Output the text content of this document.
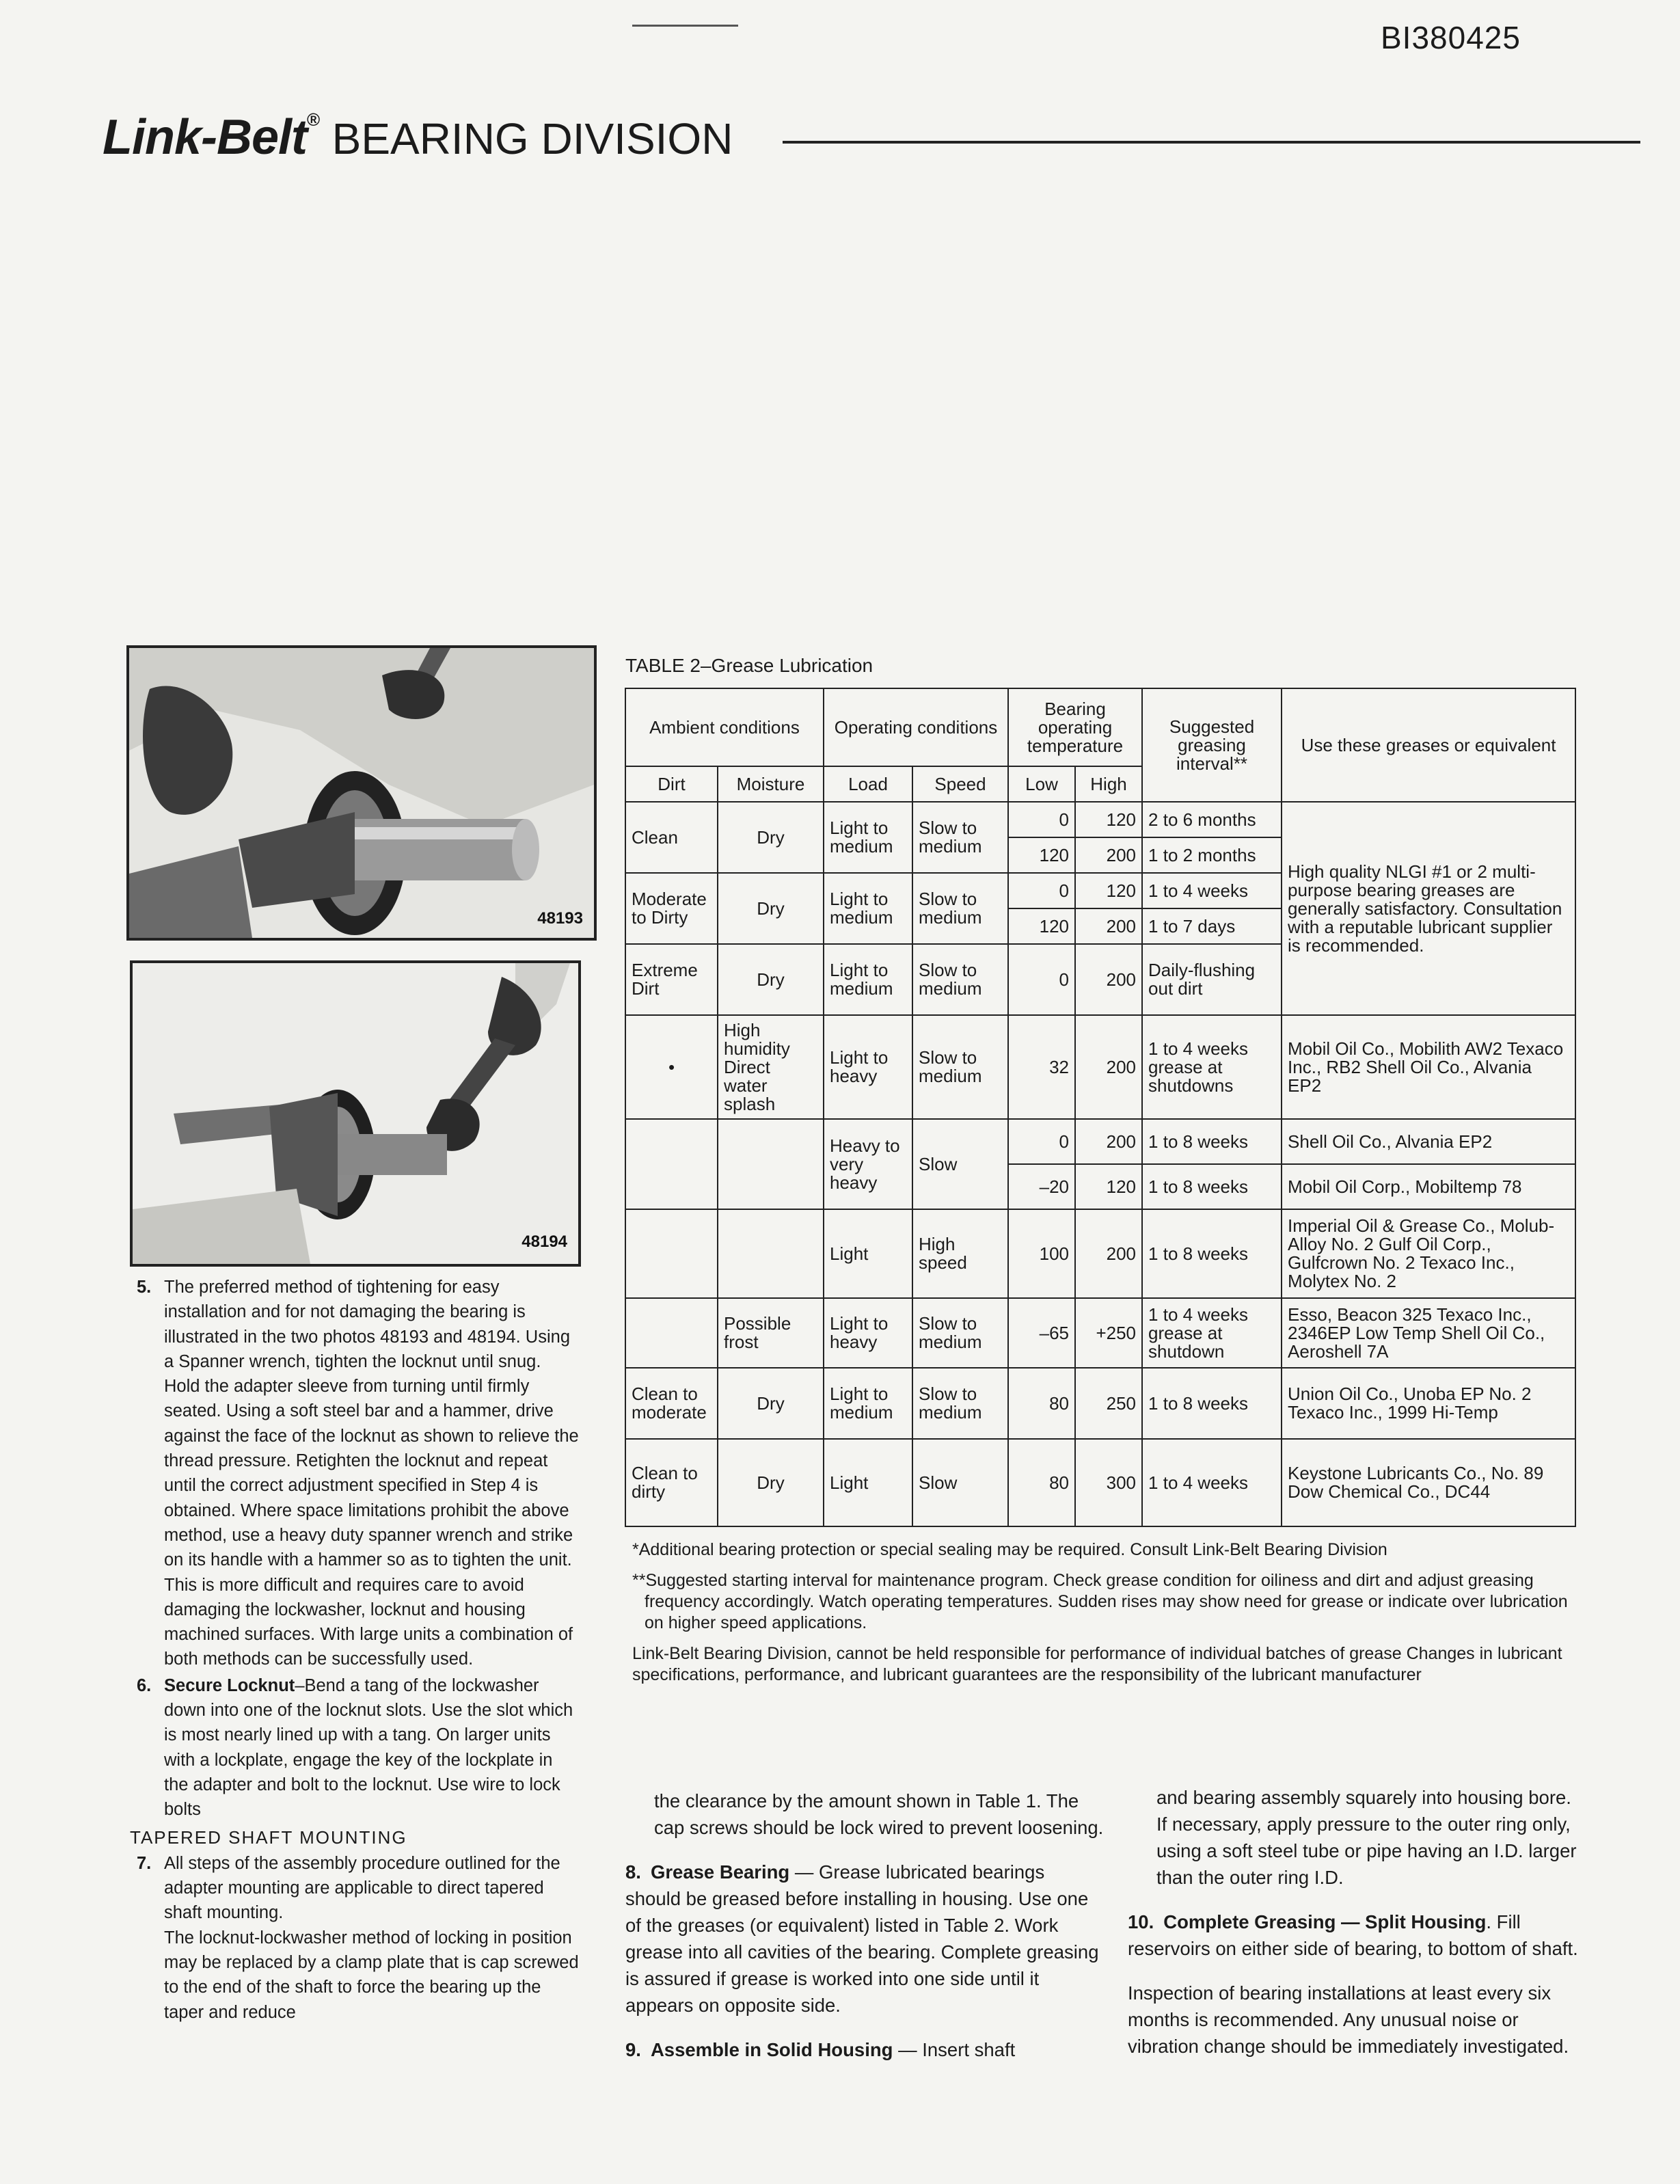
BI380425
Link-Belt® BEARING DIVISION
48193
48194
5. The preferred method of tightening for easy installation and for not damaging the bearing is illustrated in the two photos 48193 and 48194. Using a Spanner wrench, tighten the locknut until snug. Hold the adapter sleeve from turning until firmly seated. Using a soft steel bar and a hammer, drive against the face of the locknut as shown to relieve the thread pressure. Retighten the locknut and repeat until the correct adjustment specified in Step 4 is obtained. Where space limitations prohibit the above method, use a heavy duty spanner wrench and strike on its handle with a hammer so as to tighten the unit. This is more difficult and requires care to avoid damaging the lockwasher, locknut and housing machined surfaces. With large units a combination of both methods can be successfully used.
6. Secure Locknut–Bend a tang of the lockwasher down into one of the locknut slots. Use the slot which is most nearly lined up with a tang. On larger units with a lockplate, engage the key of the lockplate in the adapter and bolt to the locknut. Use wire to lock bolts
TAPERED SHAFT MOUNTING
7. All steps of the assembly procedure outlined for the adapter mounting are applicable to direct tapered shaft mounting.
The locknut-lockwasher method of locking in position may be replaced by a clamp plate that is cap screwed to the end of the shaft to force the bearing up the taper and reduce
TABLE 2–Grease Lubrication
Ambient conditions		Operating conditions		Bearing operating temperature		Suggested greasing interval**	Use these greases or equivalent
Dirt	Moisture	Load	Speed	Low	High		
Clean	Dry	Light to medium	Slow to medium	0	120	2 to 6 months	High quality NLGI #1 or 2 multi-purpose bearing greases are generally satisfactory. Consultation with a reputable lubricant supplier is recommended.
				120	200	1 to 2 months	
Moderate to Dirty	Dry	Light to medium	Slow to medium	0	120	1 to 4 weeks	
				120	200	1 to 7 days	
Extreme Dirt	Dry	Light to medium	Slow to medium	0	200	Daily-flushing out dirt	
•	High humidity Direct water splash	Light to heavy	Slow to medium	32	200	1 to 4 weeks grease at shutdowns	Mobil Oil Co., Mobilith AW2 Texaco Inc., RB2 Shell Oil Co., Alvania EP2
		Heavy to very heavy	Slow	0	200	1 to 8 weeks	Shell Oil Co., Alvania EP2
				–20	120	1 to 8 weeks	Mobil Oil Corp., Mobiltemp 78
		Light	High speed	100	200	1 to 8 weeks	Imperial Oil & Grease Co., Molub-Alloy No. 2 Gulf Oil Corp., Gulfcrown No. 2 Texaco Inc., Molytex No. 2
	Possible frost	Light to heavy	Slow to medium	–65	+250	1 to 4 weeks grease at shutdown	Esso, Beacon 325 Texaco Inc., 2346EP Low Temp Shell Oil Co., Aeroshell 7A
Clean to moderate	Dry	Light to medium	Slow to medium	80	250	1 to 8 weeks	Union Oil Co., Unoba EP No. 2 Texaco Inc., 1999 Hi-Temp
Clean to dirty	Dry	Light	Slow	80	300	1 to 4 weeks	Keystone Lubricants Co., No. 89 Dow Chemical Co., DC44

*Additional bearing protection or special sealing may be required. Consult Link-Belt Bearing Division

**Suggested starting interval for maintenance program. Check grease condition for oiliness and dirt and adjust greasing frequency accordingly. Watch operating temperatures. Sudden rises may show need for grease or indicate over lubrication on higher speed applications.

Link-Belt Bearing Division, cannot be held responsible for performance of individual batches of grease Changes in lubricant specifications, performance, and lubricant guarantees are the responsibility of the lubricant manufacturer

the clearance by the amount shown in Table 1. The cap screws should be lock wired to prevent loosening.

8. Grease Bearing — Grease lubricated bearings should be greased before installing in housing. Use one of the greases (or equivalent) listed in Table 2. Work grease into all cavities of the bearing. Complete greasing is assured if grease is worked into one side until it appears on opposite side.

9. Assemble in Solid Housing — Insert shaft

and bearing assembly squarely into housing bore. If necessary, apply pressure to the outer ring only, using a soft steel tube or pipe having an I.D. larger than the outer ring I.D.

10. Complete Greasing — Split Housing. Fill reservoirs on either side of bearing, to bottom of shaft.

Inspection of bearing installations at least every six months is recommended. Any unusual noise or vibration change should be immediately investigated.
